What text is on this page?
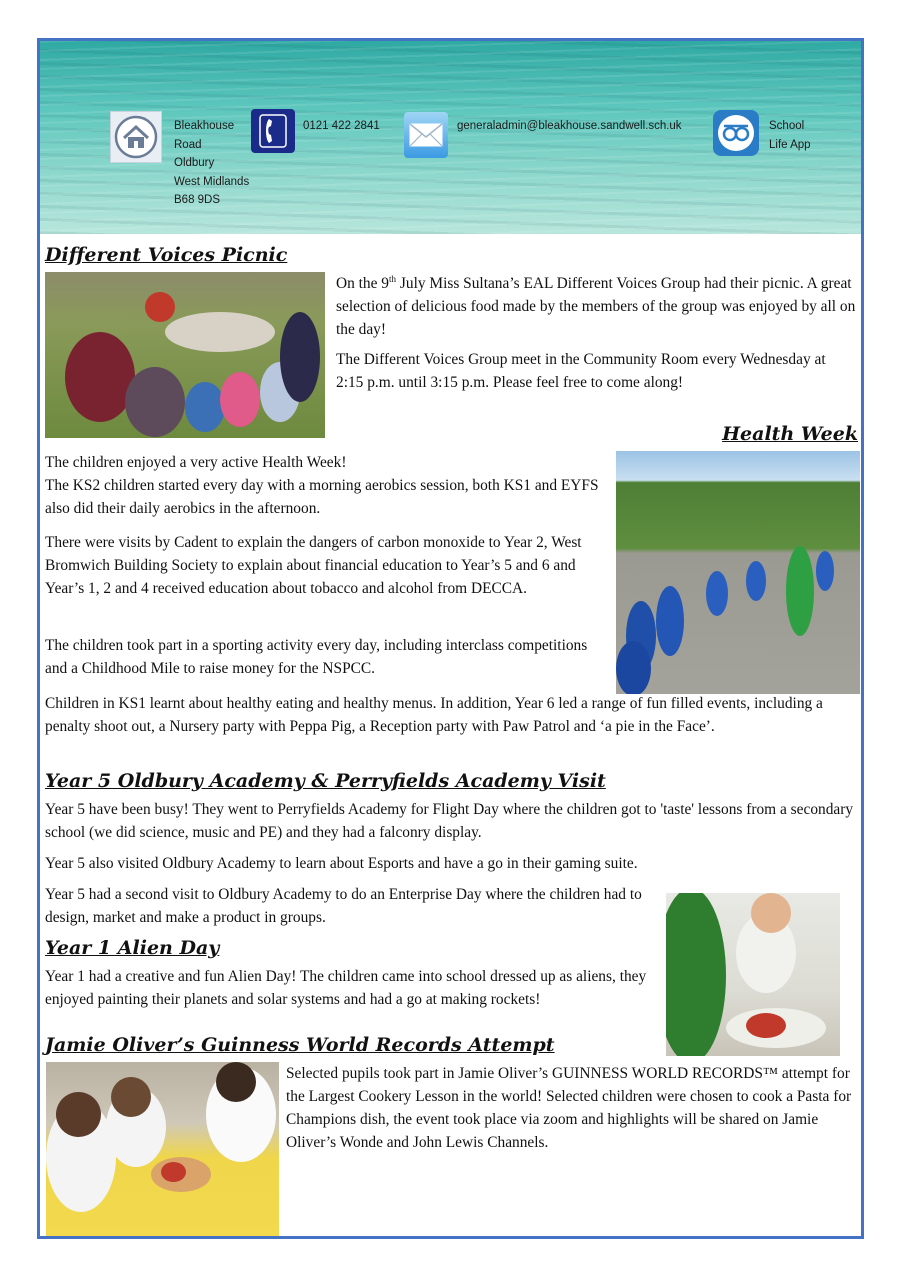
Bleakhouse
Road
Oldbury
West Midlands
B68 9DS
0121 422 2841	generaladmin@bleakhouse.sandwell.sch.uk	School
Life App
Different Voices Picnic

On the 9th July Miss Sultana’s EAL Different Voices Group had their picnic. A great selection of delicious food made by the members of the group was enjoyed by all on the day!

The Different Voices Group meet in the Community Room every Wednesday at 2:15 p.m. until 3:15 p.m. Please feel free to come along!

Health Week

The children enjoyed a very active Health Week!
The KS2 children started every day with a morning aerobics session, both KS1 and EYFS also did their daily aerobics in the afternoon.

There were visits by Cadent to explain the dangers of carbon monoxide to Year 2, West Bromwich Building Society to explain about financial education to Year’s 5 and 6 and Year’s 1, 2 and 4 received education about tobacco and alcohol from DECCA.

The children took part in a sporting activity every day, including interclass competitions and a Childhood Mile to raise money for the NSPCC.

Children in KS1 learnt about healthy eating and healthy menus. In addition, Year 6 led a range of fun filled events, including a penalty shoot out, a Nursery party with Peppa Pig, a Reception party with Paw Patrol and ‘a pie in the Face’.

Year 5 Oldbury Academy & Perryfields Academy Visit

Year 5 have been busy! They went to Perryfields Academy for Flight Day where the children got to 'taste' lessons from a secondary school (we did science, music and PE) and they had a falconry display.

Year 5 also visited Oldbury Academy to learn about Esports and have a go in their gaming suite.

Year 5 had a second visit to Oldbury Academy to do an Enterprise Day where the children had to design, market and make a product in groups.

Year 1 Alien Day

Year 1 had a creative and fun Alien Day! The children came into school dressed up as aliens, they enjoyed painting their planets and solar systems and had a go at making rockets!

Jamie Oliver’s Guinness World Records Attempt

Selected pupils took part in Jamie Oliver’s GUINNESS WORLD RECORDS™ attempt for the Largest Cookery Lesson in the world! Selected children were chosen to cook a Pasta for Champions dish, the event took place via zoom and highlights will be shared on Jamie Oliver’s Wonde and John Lewis Channels.
